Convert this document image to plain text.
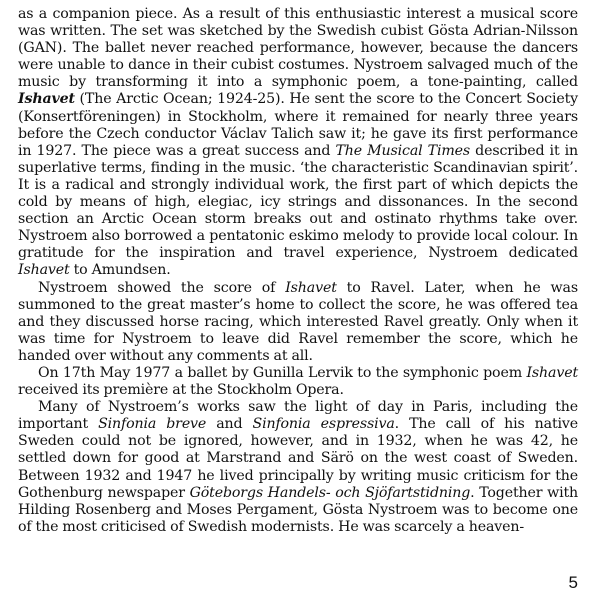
as a companion piece. As a result of this enthusiastic interest a musical score was written. The set was sketched by the Swedish cubist Gösta Adrian-Nilsson (GAN). The ballet never reached performance, however, because the dancers were unable to dance in their cubist costumes. Nystroem salvaged much of the music by transforming it into a symphonic poem, a tone-painting, called Ishavet (The Arctic Ocean; 1924-25). He sent the score to the Concert Society (Konsertföreningen) in Stockholm, where it remained for nearly three years before the Czech conductor Václav Talich saw it; he gave its first performance in 1927. The piece was a great success and The Musical Times described it in superlative terms, finding in the music. ‘the characteristic Scandinavian spirit’. It is a radical and strongly individual work, the first part of which depicts the cold by means of high, elegiac, icy strings and dissonances. In the second section an Arctic Ocean storm breaks out and ostinato rhythms take over. Nystroem also borrowed a pentatonic eskimo melody to provide local colour. In gratitude for the inspiration and travel experience, Nystroem dedicated Ishavet to Amundsen.

Nystroem showed the score of Ishavet to Ravel. Later, when he was summoned to the great master’s home to collect the score, he was offered tea and they discussed horse racing, which interested Ravel greatly. Only when it was time for Nystroem to leave did Ravel remember the score, which he handed over without any comments at all.

On 17th May 1977 a ballet by Gunilla Lervik to the symphonic poem Ishavet received its première at the Stockholm Opera.

Many of Nystroem’s works saw the light of day in Paris, including the important Sinfonia breve and Sinfonia espressiva. The call of his native Sweden could not be ignored, however, and in 1932, when he was 42, he settled down for good at Marstrand and Särö on the west coast of Sweden. Between 1932 and 1947 he lived principally by writing music criticism for the Gothenburg newspaper Göteborgs Handels- och Sjöfartstidning. Together with Hilding Rosenberg and Moses Pergament, Gösta Nystroem was to become one of the most criticised of Swedish modernists. He was scarcely a heaven-

5
